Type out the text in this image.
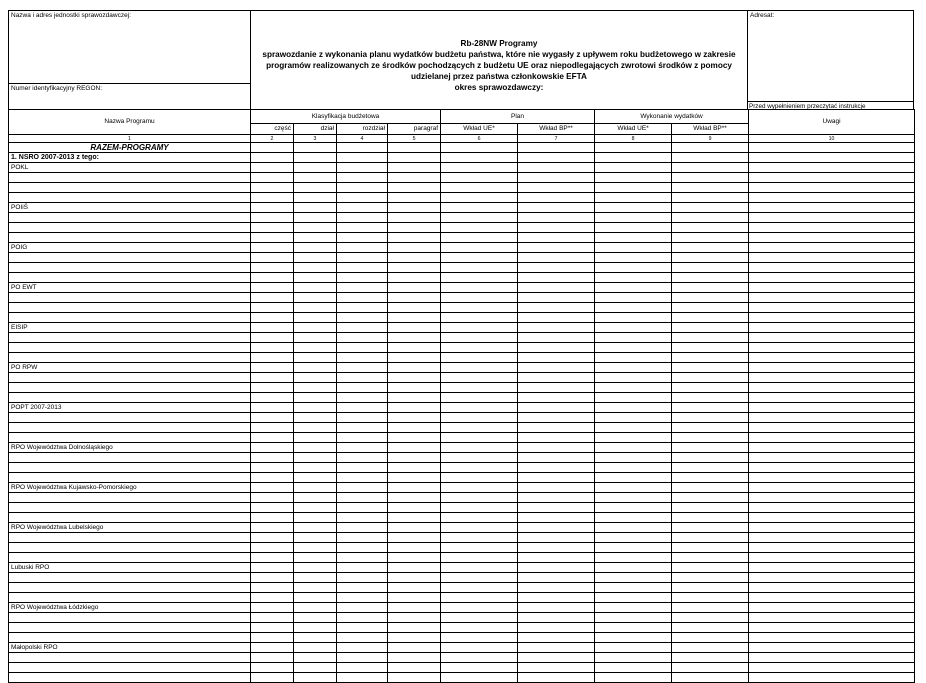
Nazwa i adres jednostki sprawozdawczej:
Numer identyfikacyjny REGON:
Rb-28NW Programy
sprawozdanie z wykonania planu wydatków budżetu państwa, które nie wygasły z upływem roku budżetowego w zakresie
programów realizowanych ze środków pochodzących z budżetu UE oraz niepodlegających zwrotowi środków z pomocy
udzielanej przez państwa członkowskie EFTA
okres sprawozdawczy:
Adresat:
Przed wypełnieniem przeczytać instrukcje
Nazwa Programu	Klasyfikacja budżetowa				Plan		Wykonanie wydatków		Uwagi
	część	dział	rozdział	paragraf	Wkład UE*	Wkład BP**	Wkład UE*	Wkład BP**	
1	2	3	4	5	6	7	8	9	10
RAZEM-PROGRAMY									
1. NSRO 2007-2013 z tego:									
POKL									

POIiŚ									

POIG									

PO EWT									

EISIP									

PO RPW									

POPT 2007-2013									

RPO Województwa Dolnośląskiego									

RPO Województwa Kujawsko-Pomorskiego									

RPO Województwa Lubelskiego									

Lubuski RPO									

RPO Województwa Łódzkiego									

Małopolski RPO									
